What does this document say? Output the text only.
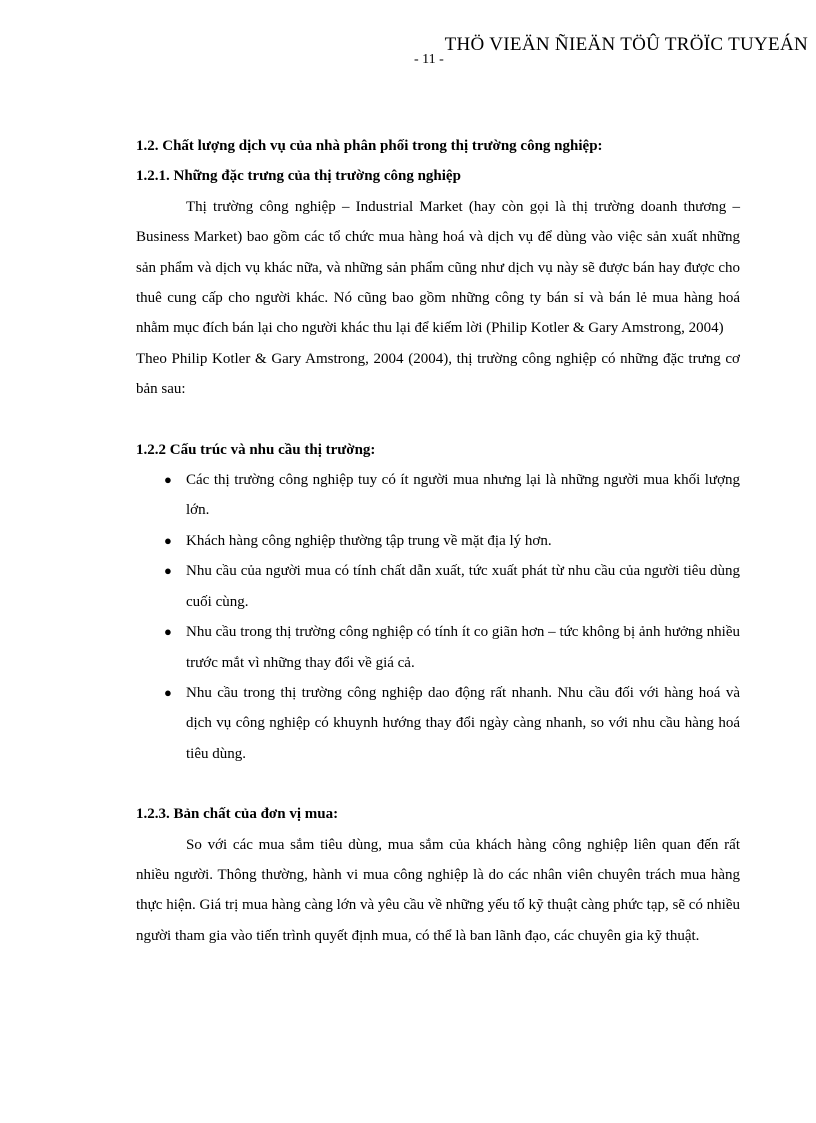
THÖ VIEÄN ÑIEÄN TÖÛ TRÖÏC TUYEÁN
- 11 -
1.2. Chất lượng dịch vụ của nhà phân phối trong thị trường công nghiệp:
1.2.1. Những đặc trưng của thị trường công nghiệp

Thị trường công nghiệp – Industrial Market (hay còn gọi là thị trường doanh thương – Business Market) bao gồm các tổ chức mua hàng hoá và dịch vụ để dùng vào việc sản xuất những sản phẩm và dịch vụ khác nữa, và những sản phẩm cũng như dịch vụ này sẽ được bán hay được cho thuê cung cấp cho người khác. Nó cũng bao gồm những công ty bán sỉ và bán lẻ mua hàng hoá nhằm mục đích bán lại cho người khác thu lại để kiếm lời (Philip Kotler & Gary Amstrong, 2004)

Theo Philip Kotler & Gary Amstrong, 2004 (2004), thị trường công nghiệp có những đặc trưng cơ bản sau:

1.2.2 Cấu trúc và nhu cầu thị trường:
● Các thị trường công nghiệp tuy có ít người mua nhưng lại là những người mua khối lượng lớn.
● Khách hàng công nghiệp thường tập trung về mặt địa lý hơn.
● Nhu cầu của người mua có tính chất dẫn xuất, tức xuất phát từ nhu cầu của người tiêu dùng cuối cùng.
● Nhu cầu trong thị trường công nghiệp có tính ít co giãn hơn – tức không bị ảnh hưởng nhiều trước mắt vì những thay đổi về giá cả.
● Nhu cầu trong thị trường công nghiệp dao động rất nhanh. Nhu cầu đối với hàng hoá và dịch vụ công nghiệp có khuynh hướng thay đổi ngày càng nhanh, so với nhu cầu hàng hoá tiêu dùng.
1.2.3. Bản chất của đơn vị mua:

So với các mua sắm tiêu dùng, mua sắm của khách hàng công nghiệp liên quan đến rất nhiều người. Thông thường, hành vi mua công nghiệp là do các nhân viên chuyên trách mua hàng thực hiện. Giá trị mua hàng càng lớn và yêu cầu về những yếu tố kỹ thuật càng phức tạp, sẽ có nhiều người tham gia vào tiến trình quyết định mua, có thể là ban lãnh đạo, các chuyên gia kỹ thuật.
